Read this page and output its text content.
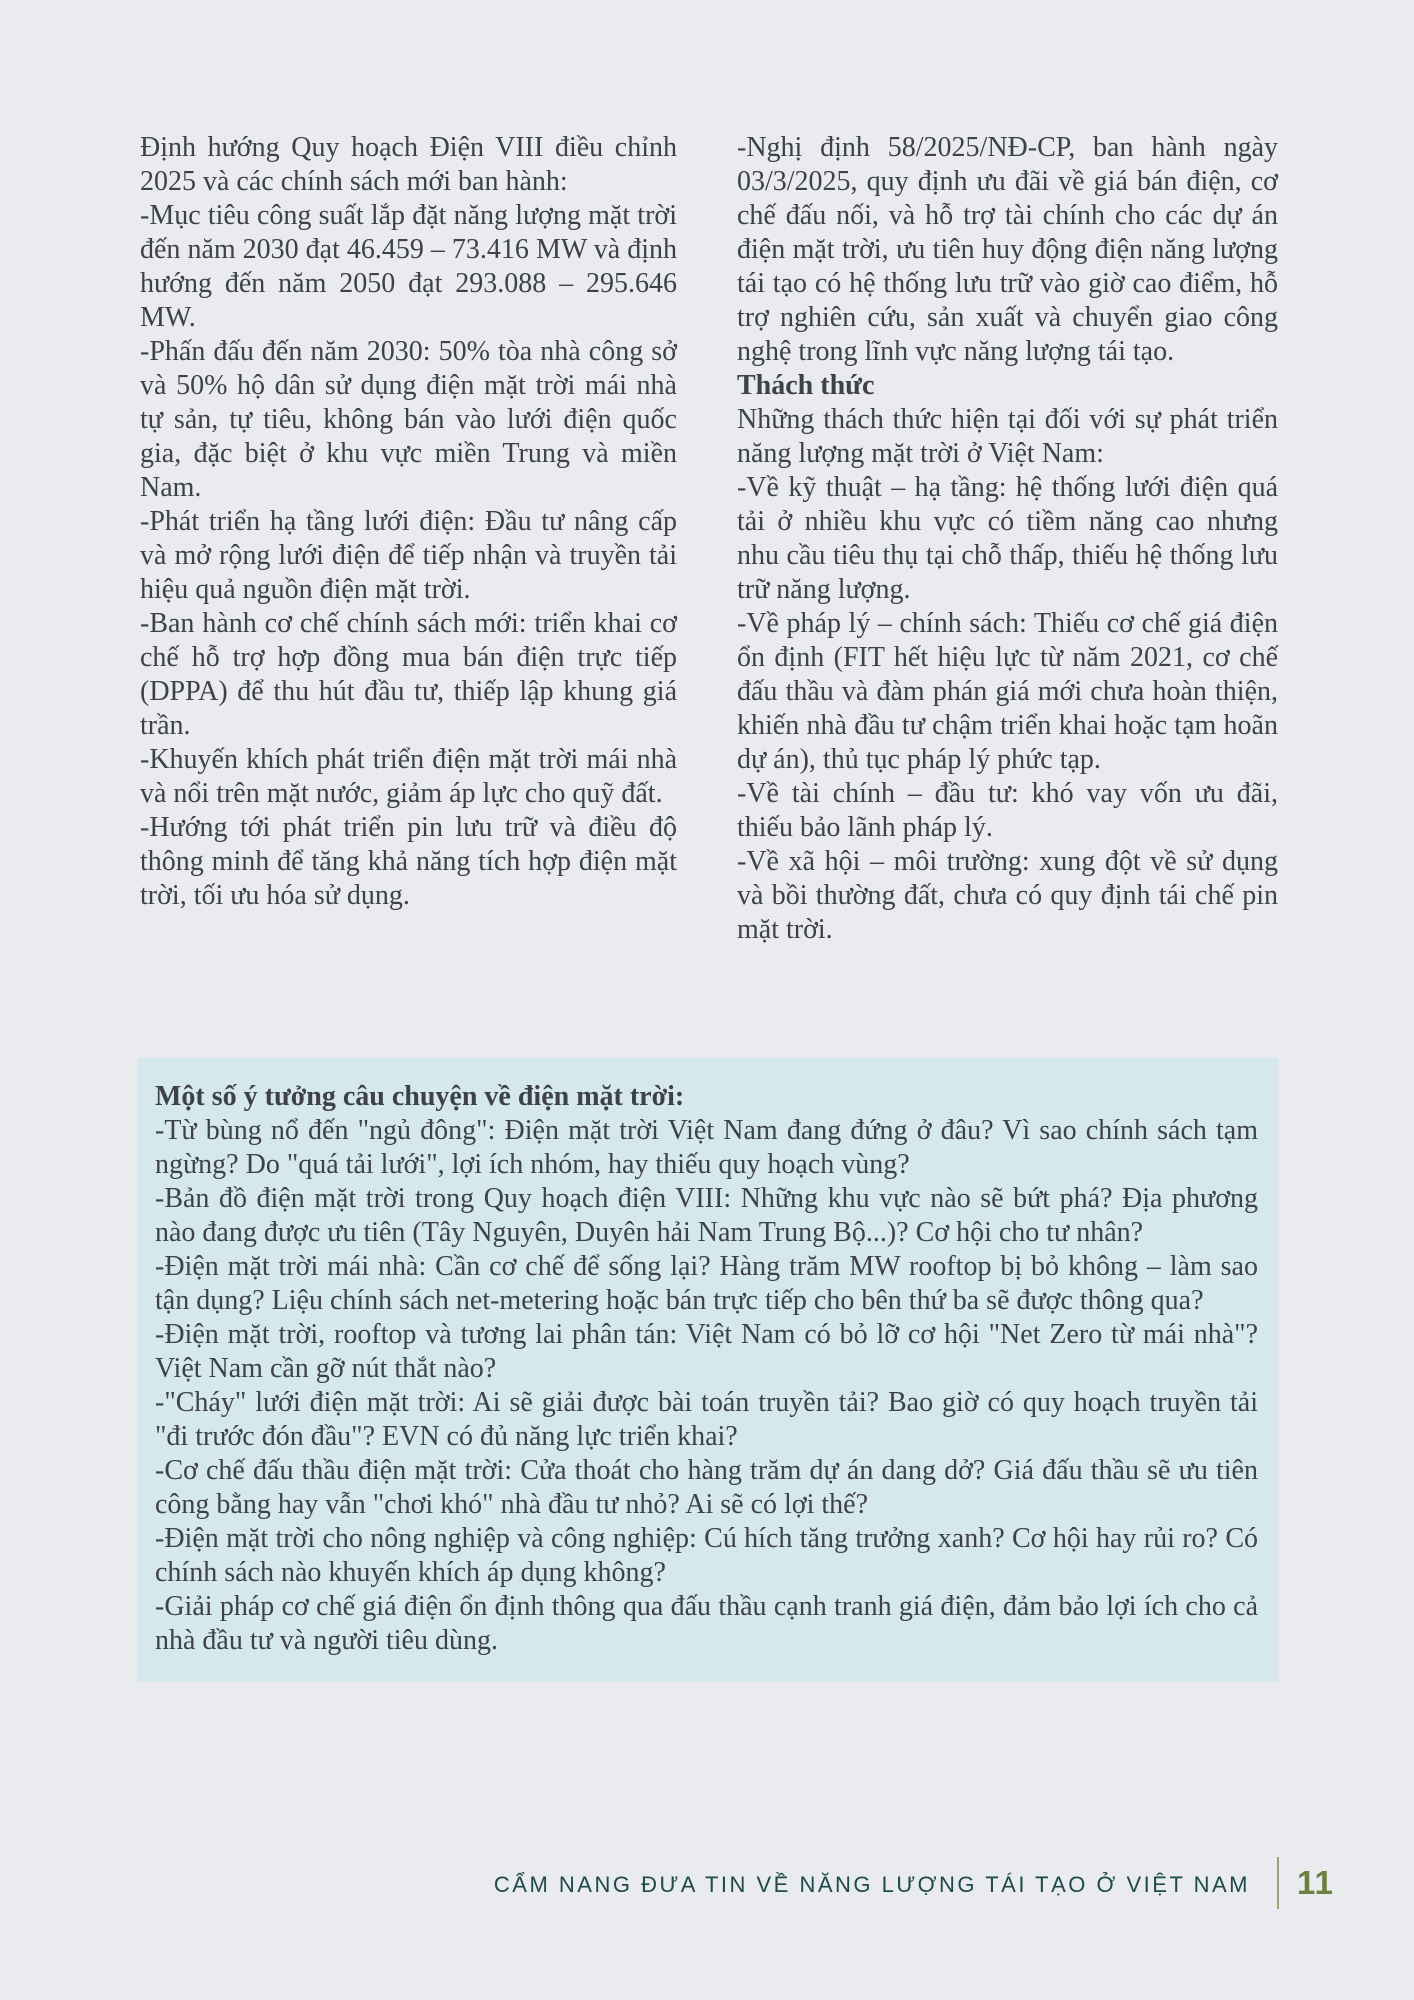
Định hướng Quy hoạch Điện VIII điều chỉnh 2025 và các chính sách mới ban hành:

-Mục tiêu công suất lắp đặt năng lượng mặt trời đến năm 2030 đạt 46.459 – 73.416 MW và định hướng đến năm 2050 đạt 293.088 – 295.646 MW.

-Phấn đấu đến năm 2030: 50% tòa nhà công sở và 50% hộ dân sử dụng điện mặt trời mái nhà tự sản, tự tiêu, không bán vào lưới điện quốc gia, đặc biệt ở khu vực miền Trung và miền Nam.

-Phát triển hạ tầng lưới điện: Đầu tư nâng cấp và mở rộng lưới điện để tiếp nhận và truyền tải hiệu quả nguồn điện mặt trời.

-Ban hành cơ chế chính sách mới: triển khai cơ chế hỗ trợ hợp đồng mua bán điện trực tiếp (DPPA) để thu hút đầu tư, thiếp lập khung giá trần.

-Khuyến khích phát triển điện mặt trời mái nhà và nổi trên mặt nước, giảm áp lực cho quỹ đất.

-Hướng tới phát triển pin lưu trữ và điều độ thông minh để tăng khả năng tích hợp điện mặt trời, tối ưu hóa sử dụng.

-Nghị định 58/2025/NĐ-CP, ban hành ngày 03/3/2025, quy định ưu đãi về giá bán điện, cơ chế đấu nối, và hỗ trợ tài chính cho các dự án điện mặt trời, ưu tiên huy động điện năng lượng tái tạo có hệ thống lưu trữ vào giờ cao điểm, hỗ trợ nghiên cứu, sản xuất và chuyển giao công nghệ trong lĩnh vực năng lượng tái tạo.

Thách thức

Những thách thức hiện tại đối với sự phát triển năng lượng mặt trời ở Việt Nam:

-Về kỹ thuật – hạ tầng: hệ thống lưới điện quá tải ở nhiều khu vực có tiềm năng cao nhưng nhu cầu tiêu thụ tại chỗ thấp, thiếu hệ thống lưu trữ năng lượng.

-Về pháp lý – chính sách: Thiếu cơ chế giá điện ổn định (FIT hết hiệu lực từ năm 2021, cơ chế đấu thầu và đàm phán giá mới chưa hoàn thiện, khiến nhà đầu tư chậm triển khai hoặc tạm hoãn dự án), thủ tục pháp lý phức tạp.

-Về tài chính – đầu tư: khó vay vốn ưu đãi, thiếu bảo lãnh pháp lý.

-Về xã hội – môi trường: xung đột về sử dụng và bồi thường đất, chưa có quy định tái chế pin mặt trời.

Một số ý tưởng câu chuyện về điện mặt trời:

-Từ bùng nổ đến "ngủ đông": Điện mặt trời Việt Nam đang đứng ở đâu? Vì sao chính sách tạm ngừng? Do "quá tải lưới", lợi ích nhóm, hay thiếu quy hoạch vùng?

-Bản đồ điện mặt trời trong Quy hoạch điện VIII: Những khu vực nào sẽ bứt phá? Địa phương nào đang được ưu tiên (Tây Nguyên, Duyên hải Nam Trung Bộ...)? Cơ hội cho tư nhân?

-Điện mặt trời mái nhà: Cần cơ chế để sống lại? Hàng trăm MW rooftop bị bỏ không – làm sao tận dụng? Liệu chính sách net-metering hoặc bán trực tiếp cho bên thứ ba sẽ được thông qua?

-Điện mặt trời, rooftop và tương lai phân tán: Việt Nam có bỏ lỡ cơ hội "Net Zero từ mái nhà"? Việt Nam cần gỡ nút thắt nào?

-"Cháy" lưới điện mặt trời: Ai sẽ giải được bài toán truyền tải? Bao giờ có quy hoạch truyền tải "đi trước đón đầu"? EVN có đủ năng lực triển khai?

-Cơ chế đấu thầu điện mặt trời: Cửa thoát cho hàng trăm dự án dang dở? Giá đấu thầu sẽ ưu tiên công bằng hay vẫn "chơi khó" nhà đầu tư nhỏ? Ai sẽ có lợi thế?

-Điện mặt trời cho nông nghiệp và công nghiệp: Cú hích tăng trưởng xanh? Cơ hội hay rủi ro? Có chính sách nào khuyến khích áp dụng không?

-Giải pháp cơ chế giá điện ổn định thông qua đấu thầu cạnh tranh giá điện, đảm bảo lợi ích cho cả nhà đầu tư và người tiêu dùng.

CẨM NANG ĐƯA TIN VỀ NĂNG LƯỢNG TÁI TẠO Ở VIỆT NAM 11
